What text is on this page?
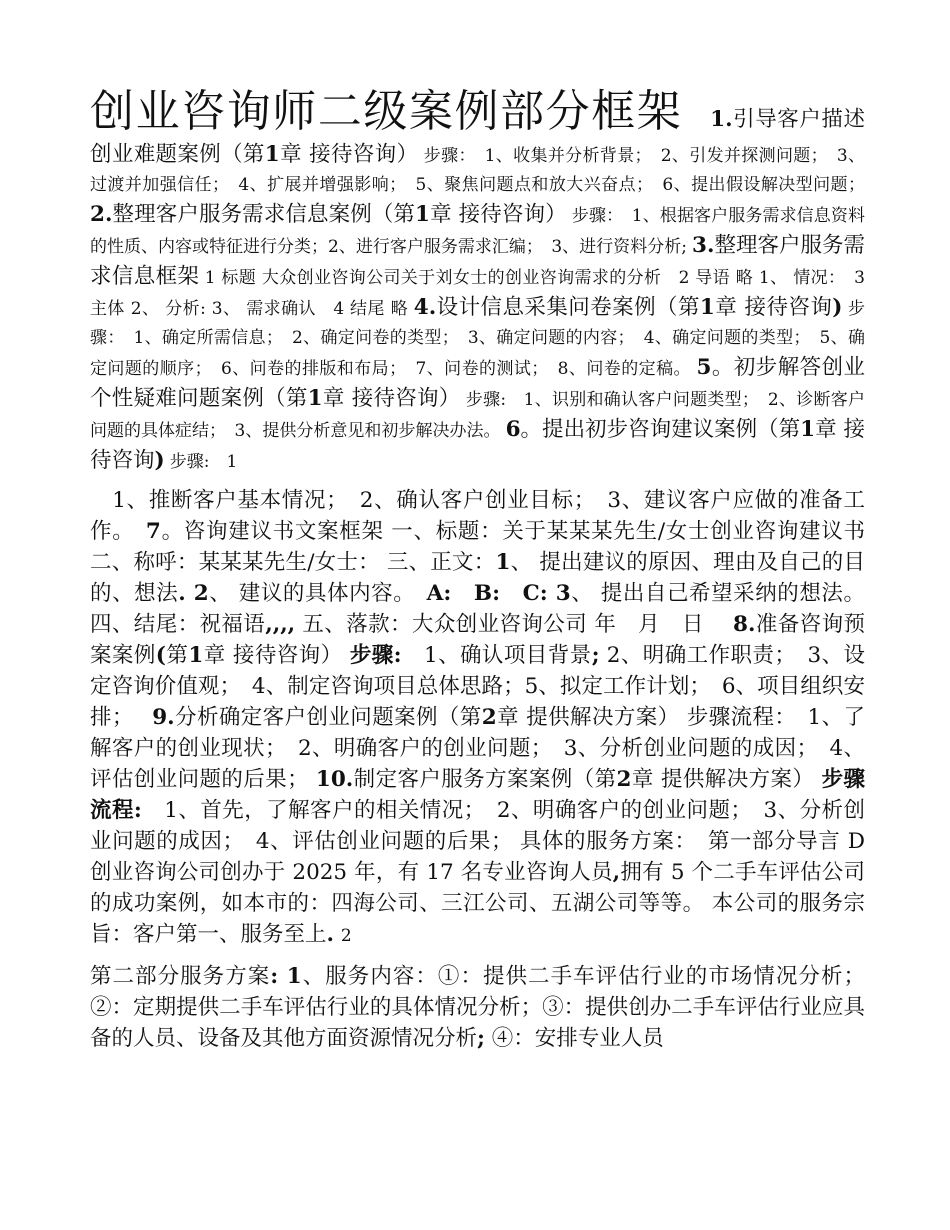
创业咨询师二级案例部分框架 　 1.引导客户描述创业难题案例（第1章 接待咨询） 步骤：　1、收集并分析背景；　2、引发并探测问题；　3、过渡并加强信任；　4、扩展并增强影响；　5、聚焦问题点和放大兴奋点；　6、提出假设解决型问题； 2.整理客户服务需求信息案例（第1章 接待咨询） 步骤：　1、根据客户服务需求信息资料的性质、内容或特征进行分类；2、进行客户服务需求汇编；　3、进行资料分析; 3.整理客户服务需求信息框架 1 标题 大众创业咨询公司关于刘女士的创业咨询需求的分析　2 导语 略 1、 情况：　3 主体 2、 分析: 3、 需求确认　4 结尾 略 4.设计信息采集问卷案例（第1章 接待咨询) 步骤：　1、确定所需信息；　2、确定问卷的类型；　3、确定问题的内容；　4、确定问题的类型；　5、确定问题的顺序；　6、问卷的排版和布局；　7、问卷的测试；　8、问卷的定稿。 5。初步解答创业个性疑难问题案例（第1章 接待咨询） 步骤:　1、识别和确认客户问题类型；　2、诊断客户问题的具体症结；　3、提供分析意见和初步解决办法。 6。提出初步咨询建议案例（第1章 接待咨询) 步骤:　 1
　1、推断客户基本情况；　2、确认客户创业目标；　3、建议客户应做的准备工作。　 7。咨询建议书文案框架 一、标题：关于某某某先生/女士创业咨询建议书 二、称呼：某某某先生/女士： 三、正文：1、 提出建议的原因、理由及自己的目的、想法. 2、 建议的具体内容。　 A:　B:　 C: 3、 提出自己希望采纳的想法。 四、结尾：祝福语,,,, 五、落款：大众创业咨询公司 年　月　日　 8.准备咨询预案案例(第1章 接待咨询） 步骤:　 1、确认项目背景; 2、明确工作职责；　3、设定咨询价值观；　4、制定咨询项目总体思路；5、拟定工作计划；　6、项目组织安排；　 9.分析确定客户创业问题案例（第2章 提供解决方案） 步骤流程：　1、了解客户的创业现状；　2、明确客户的创业问题；　3、分析创业问题的成因；　4、评估创业问题的后果； 10.制定客户服务方案案例（第2章 提供解决方案） 步骤流程:　 1、首先，了解客户的相关情况；　2、明确客户的创业问题；　3、分析创业问题的成因；　4、评估创业问题的后果； 具体的服务方案：　第一部分导言 D 创业咨询公司创办于 2025 年，有 17 名专业咨询人员,拥有 5 个二手车评估公司的成功案例，如本市的：四海公司、三江公司、五湖公司等等。 本公司的服务宗旨：客户第一、服务至上. 2
第二部分服务方案: 1、服务内容：①：提供二手车评估行业的市场情况分析；②：定期提供二手车评估行业的具体情况分析；③：提供创办二手车评估行业应具备的人员、设备及其他方面资源情况分析; ④：安排专业人员
